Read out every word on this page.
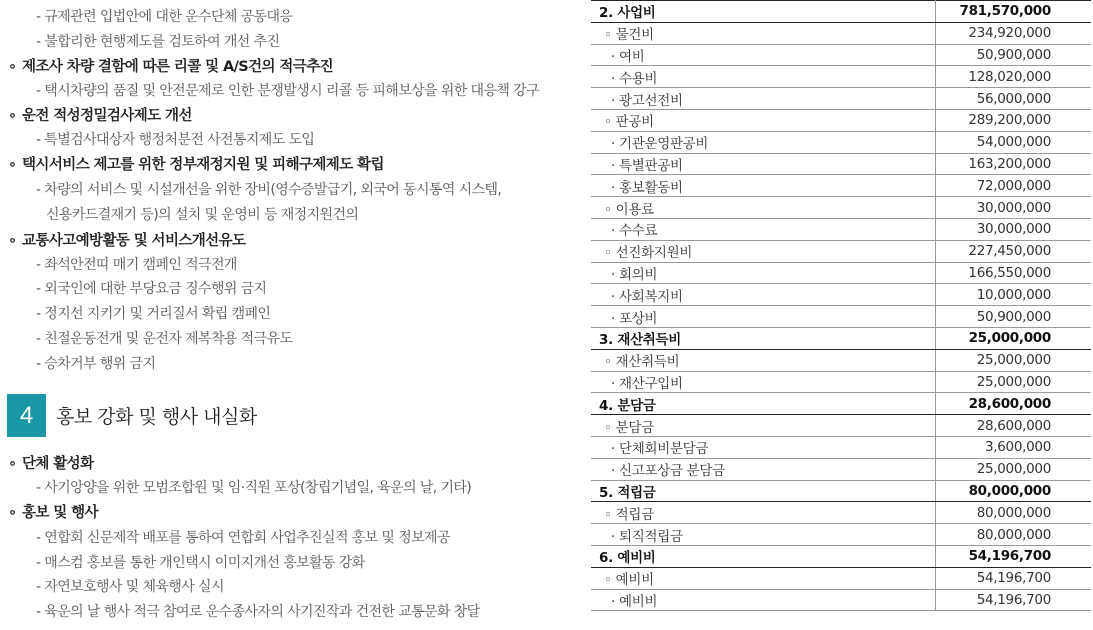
- 규제관련 입법안에 대한 운수단체 공동대응
- 불합리한 현행제도를 검토하여 개선 추진
∘ 제조사 차량 결함에 따른 리콜 및 A/S건의 적극추진
- 택시차량의 품질 및 안전문제로 인한 분쟁발생시 리콜 등 피해보상을 위한 대응책 강구
∘ 운전 적성정밀검사제도 개선
- 특별검사대상자 행정처분전 사전통지제도 도입
∘ 택시서비스 제고를 위한 정부재정지원 및 피해구제제도 확립
- 차량의 서비스 및 시설개선을 위한 장비(영수증발급기, 외국어 동시통역 시스템,
신용카드결재기 등)의 설치 및 운영비 등 재정지원건의
∘ 교통사고예방활동 및 서비스개선유도
- 좌석안전띠 매기 캠페인 적극전개
- 외국인에 대한 부당요금 징수행위 금지
- 정지선 지키기 및 거리질서 확립 캠페인
- 친절운동전개 및 운전자 제복착용 적극유도
- 승차거부 행위 금지
4	홍보 강화 및 행사 내실화
∘ 단체 활성화
- 사기앙양을 위한 모범조합원 및 임·직원 포상(창립기념일, 육운의 날, 기타)
∘ 홍보 및 행사
- 연합회 신문제작 배포를 통하여 연합회 사업추진실적 홍보 및 정보제공
- 매스컴 홍보를 통한 개인택시 이미지개선 홍보활동 강화
- 자연보호행사 및 체육행사 실시
- 육운의 날 행사 적극 참여로 운수종사자의 사기진작과 건전한 교통문화 창달
2. 사업비	781,570,000
◦ 물건비	234,920,000
· 여비	50,900,000
· 수용비	128,020,000
· 광고선전비	56,000,000
◦ 판공비	289,200,000
· 기관운영판공비	54,000,000
· 특별판공비	163,200,000
· 홍보활동비	72,000,000
◦ 이용료	30,000,000
· 수수료	30,000,000
◦ 선진화지원비	227,450,000
· 회의비	166,550,000
· 사회복지비	10,000,000
· 포상비	50,900,000
3. 재산취득비	25,000,000
◦ 재산취득비	25,000,000
· 재산구입비	25,000,000
4. 분담금	28,600,000
◦ 분담금	28,600,000
· 단체회비분담금	3,600,000
· 신고포상금 분담금	25,000,000
5. 적립금	80,000,000
◦ 적립금	80,000,000
· 퇴직적립금	80,000,000
6. 예비비	54,196,700
◦ 예비비	54,196,700
· 예비비	54,196,700
